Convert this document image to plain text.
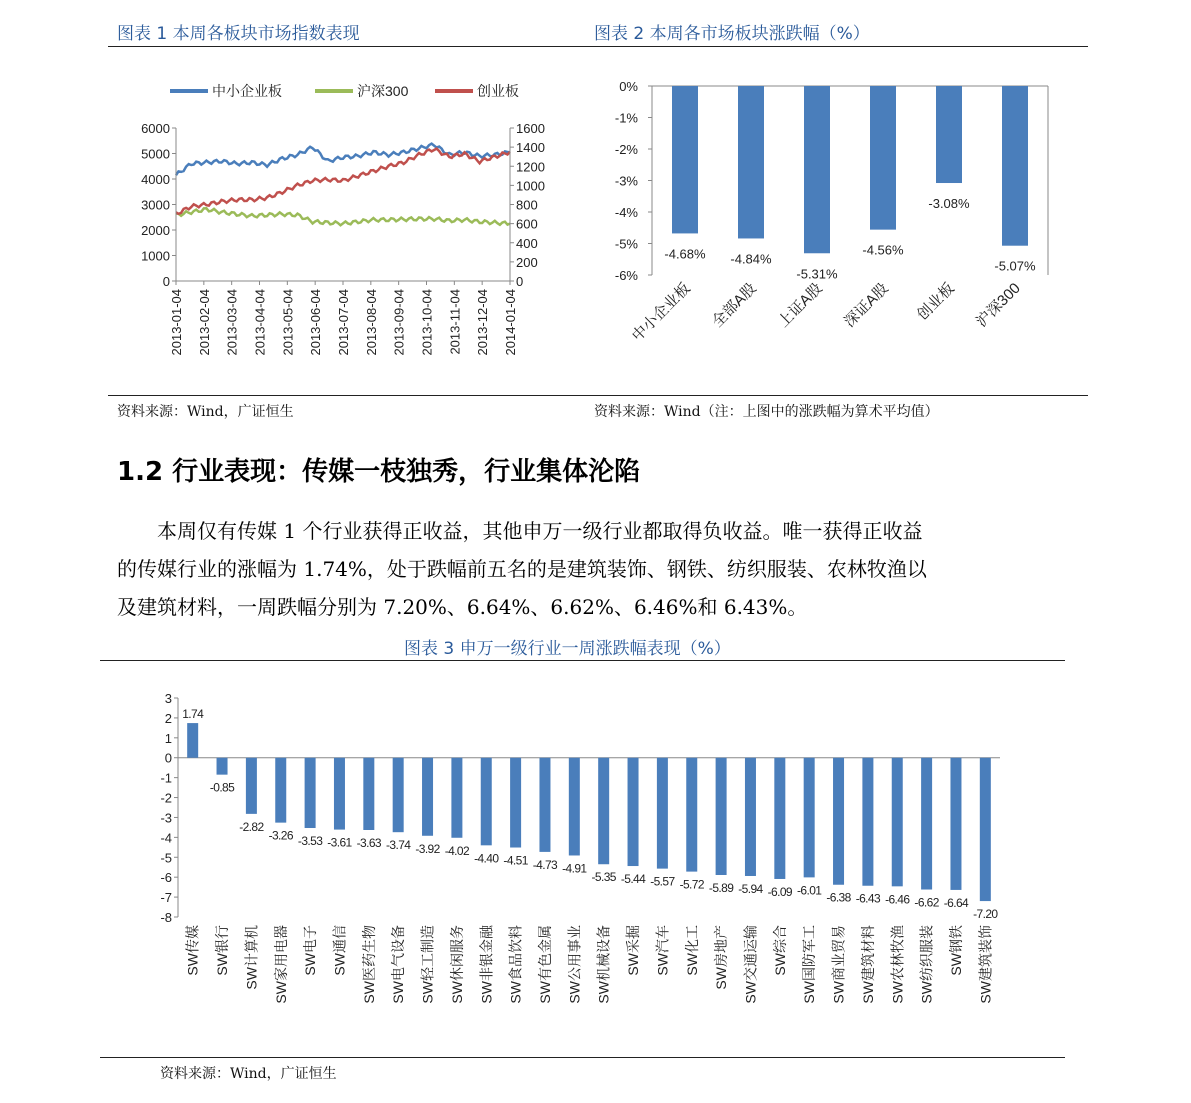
图表 1 本周各板块市场指数表现	图表 2 本周各市场板块涨跌幅（%）
中小企业板	沪深300	创业板
0
1000
2000
3000
4000
5000
6000
0
200
400
600
800
1000
1200
1400
1600
2013-01-04 2013-02-04 2013-03-04 2013-04-04 2013-05-04 2013-06-04 2013-07-04 2013-08-04 2013-09-04 2013-10-04 2013-11-04 2013-12-04 2014-01-04
0%
-1%
-2%
-3%
-4%
-5%
-6%
-4.68%
中小企业板
-4.84%
全部A股
-5.31%
上证A股
-4.56%
深证A股
-3.08%
创业板
-5.07%
沪深300
资料来源：Wind，广证恒生	资料来源：Wind（注：上图中的涨跌幅为算术平均值）
1.2 行业表现：传媒一枝独秀，行业集体沦陷
　　本周仅有传媒 1 个行业获得正收益，其他申万一级行业都取得负收益。唯一获得正收益
的传媒行业的涨幅为 1.74%，处于跌幅前五名的是建筑装饰、钢铁、纺织服装、农林牧渔以
及建筑材料，一周跌幅分别为 7.20%、6.64%、6.62%、6.46%和 6.43%。
图表 3 申万一级行业一周涨跌幅表现（%）
3
2
1
0
-1
-2
-3
-4
-5
-6
-7
-8
1.74
SW传媒
-0.85
SW银行
-2.82
SW计算机
-3.26
SW家用电器
-3.53
SW电子
-3.61
SW通信
-3.63
SW医药生物
-3.74
SW电气设备
-3.92
SW轻工制造
-4.02
SW休闲服务
-4.40
SW非银金融
-4.51
SW食品饮料
-4.73
SW有色金属
-4.91
SW公用事业
-5.35
SW机械设备
-5.44
SW采掘
-5.57
SW汽车
-5.72
SW化工
-5.89
SW房地产
-5.94
SW交通运输
-6.09
SW综合
-6.01
SW国防军工
-6.38
SW商业贸易
-6.43
SW建筑材料
-6.46
SW农林牧渔
-6.62
SW纺织服装
-6.64
SW钢铁
-7.20
SW建筑装饰
资料来源：Wind，广证恒生
